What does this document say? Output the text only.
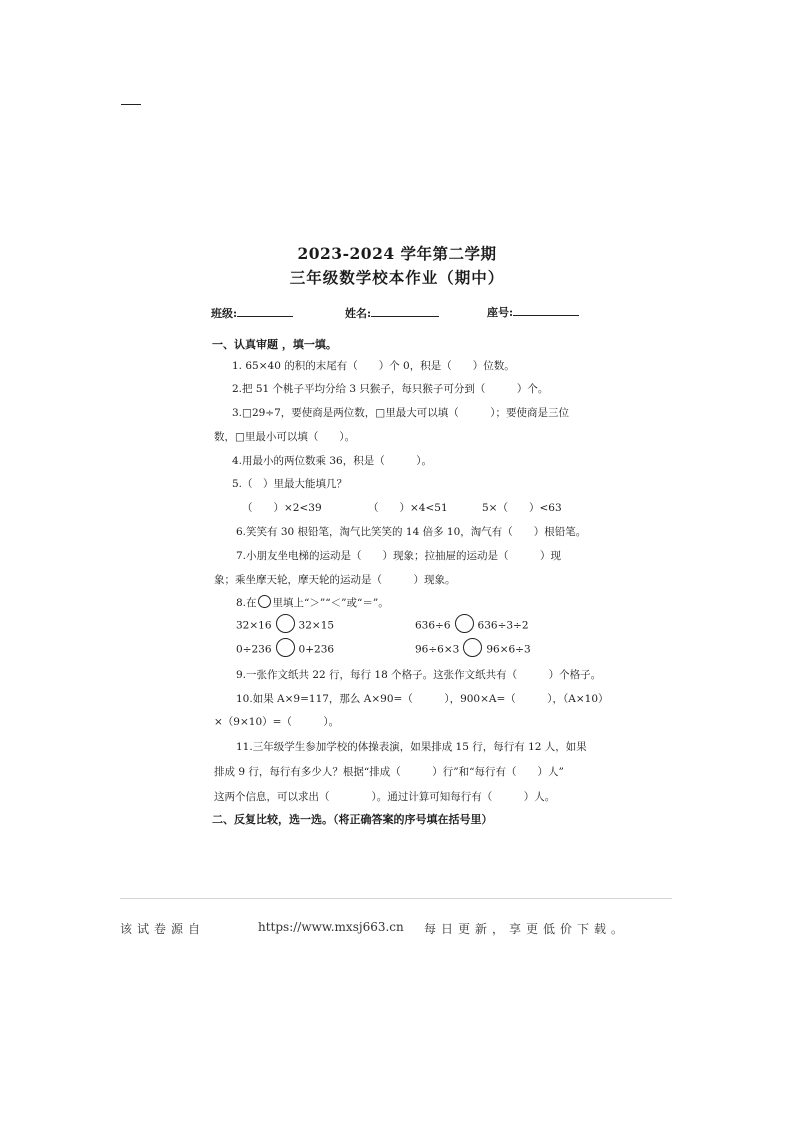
2023-2024 学年第二学期
三年级数学校本作业（期中）
班级:	姓名:	座号:
一、认真审题 ，填一填。
1. 65×40 的积的末尾有（　　）个 0，积是（　　）位数。
2.把 51 个桃子平均分给 3 只猴子，每只猴子可分到（　　　）个。
3.□29÷7，要使商是两位数，□里最大可以填（　　　）；要使商是三位
数，□里最小可以填（　　）。
4.用最小的两位数乘 36，积是（　　　）。
5.（　）里最大能填几？
（　　）×2<39	（　　）×4<51	5×（　　）<63
6.笑笑有 30 根铅笔，淘气比笑笑的 14 倍多 10，淘气有（　　）根铅笔。
7.小朋友坐电梯的运动是（　　）现象；拉抽屉的运动是（　　　）现
象；乘坐摩天轮，摩天轮的运动是（　　　）现象。
8.在 里填上“＞”“＜”或“＝”。
32×16	32×15	636÷6	636÷3÷2
0÷236	0+236	96÷6×3	96×6÷3
9.一张作文纸共 22 行，每行 18 个格子。这张作文纸共有（　　　）个格子。
10.如果 A×9=117，那么 A×90=（　　　），900×A=（　　　），（A×10）
×（9×10）=（　　　）。
11.三年级学生参加学校的体操表演，如果排成 15 行，每行有 12 人，如果
排成 9 行，每行有多少人？根据“排成（　　　）行”和“每行有（　　）人”
这两个信息，可以求出（　　　　）。通过计算可知每行有（　　　）人。
二、反复比较，选一选。（将正确答案的序号填在括号里）
该试卷源自	https://www.mxsj663.cn 每日更新，享更低价下载。
